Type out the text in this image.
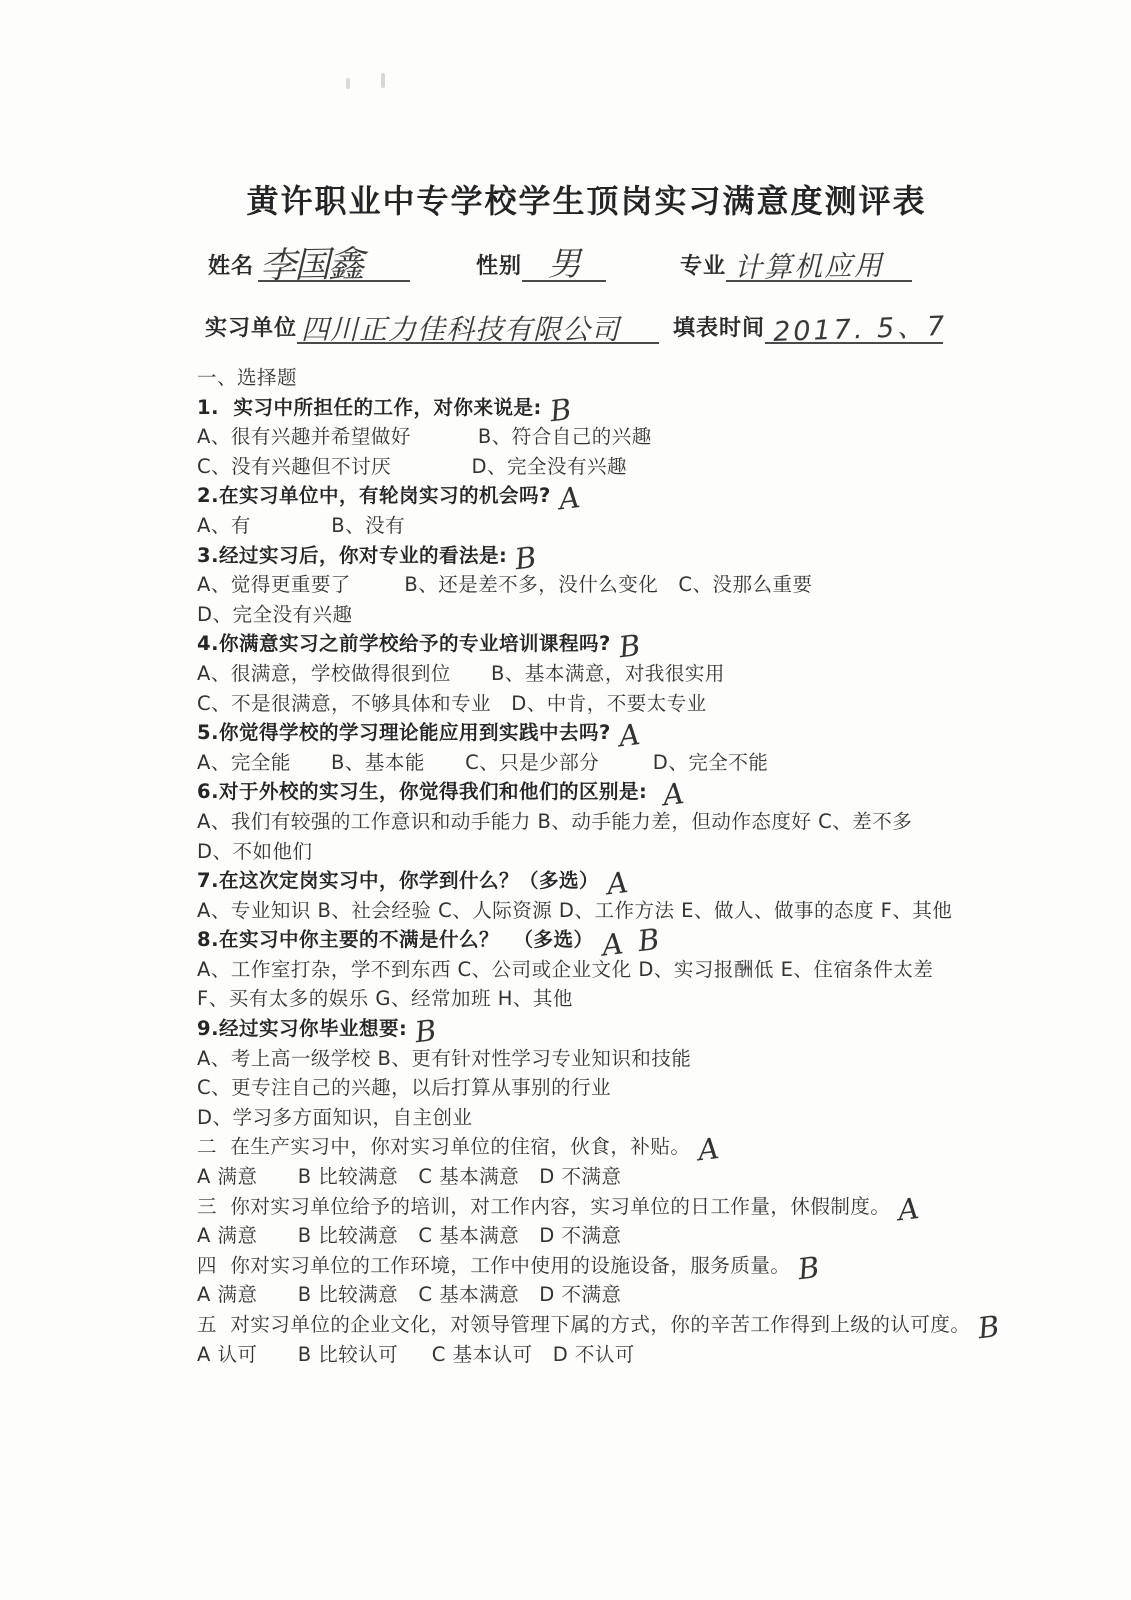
黄许职业中专学校学生顶岗实习满意度测评表
姓名 李国鑫	性别 男	专业 计算机应用
实习单位 四川正力佳科技有限公司 填表时间 2017. 5、7
一、选择题
1.  实习中所担任的工作，对你来说是: B
A、很有兴趣并希望做好          B、符合自己的兴趣
C、没有兴趣但不讨厌            D、完全没有兴趣
2.在实习单位中，有轮岗实习的机会吗? A
A、有            B、没有
3.经过实习后，你对专业的看法是: B
A、觉得更重要了        B、还是差不多，没什么变化   C、没那么重要
D、完全没有兴趣
4.你满意实习之前学校给予的专业培训课程吗? B
A、很满意，学校做得很到位      B、基本满意，对我很实用
C、不是很满意，不够具体和专业   D、中肯，不要太专业
5.你觉得学校的学习理论能应用到实践中去吗? A
A、完全能      B、基本能      C、只是少部分        D、完全不能
6.对于外校的实习生，你觉得我们和他们的区别是: A
A、我们有较强的工作意识和动手能力 B、动手能力差，但动作态度好 C、差不多
D、不如他们
7.在这次定岗实习中，你学到什么？（多选） A
A、专业知识 B、社会经验 C、人际资源 D、工作方法 E、做人、做事的态度 F、其他
8.在实习中你主要的不满是什么？  （多选） A B
A、工作室打杂，学不到东西 C、公司或企业文化 D、实习报酬低 E、住宿条件太差
F、买有太多的娱乐 G、经常加班 H、其他
9.经过实习你毕业想要: B
A、考上高一级学校 B、更有针对性学习专业知识和技能
C、更专注自己的兴趣，以后打算从事别的行业
D、学习多方面知识，自主创业
二  在生产实习中，你对实习单位的住宿，伙食，补贴。 A
A 满意      B 比较满意   C 基本满意   D 不满意
三  你对实习单位给予的培训，对工作内容，实习单位的日工作量，休假制度。 A
A 满意      B 比较满意   C 基本满意   D 不满意
四  你对实习单位的工作环境，工作中使用的设施设备，服务质量。 B
A 满意      B 比较满意   C 基本满意   D 不满意
五  对实习单位的企业文化，对领导管理下属的方式，你的辛苦工作得到上级的认可度。 B
A 认可      B 比较认可     C 基本认可   D 不认可
